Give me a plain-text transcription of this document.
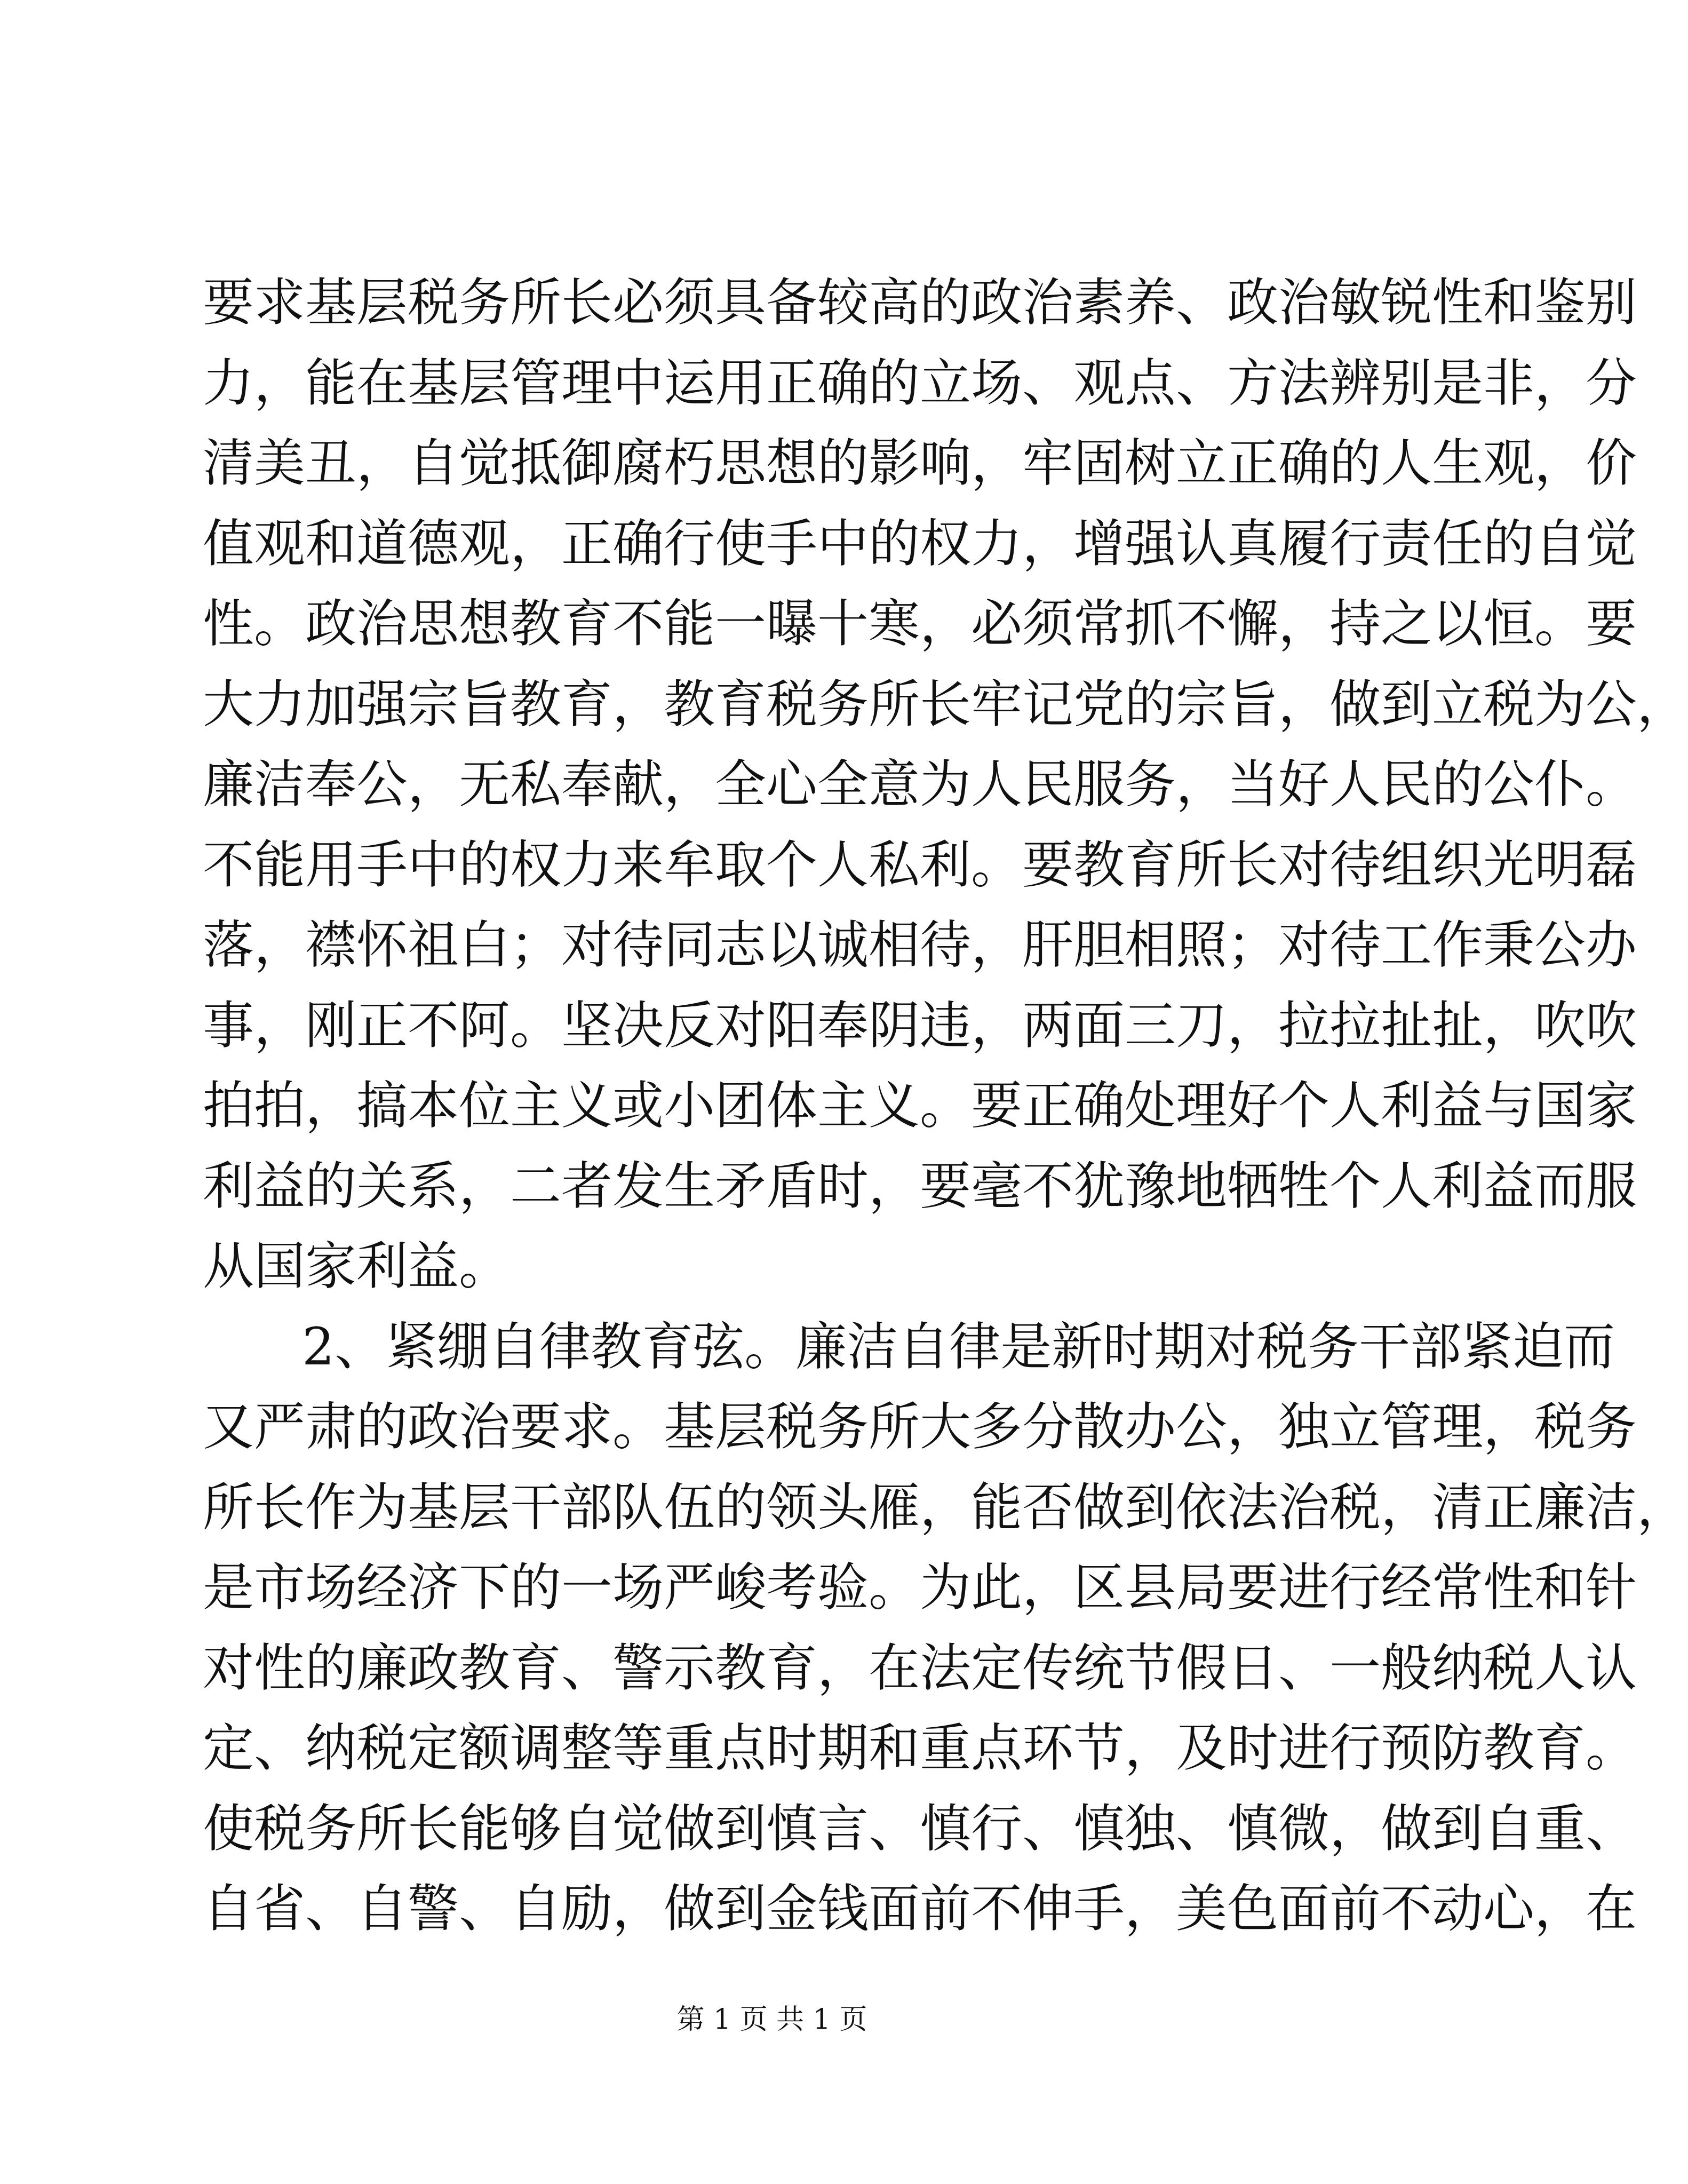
要求基层税务所长必须具备较高的政治素养、政治敏锐性和鉴别
力，能在基层管理中运用正确的立场、观点、方法辨别是非，分
清美丑，自觉抵御腐朽思想的影响，牢固树立正确的人生观，价
值观和道德观，正确行使手中的权力，增强认真履行责任的自觉
性。政治思想教育不能一曝十寒，必须常抓不懈，持之以恒。要
大力加强宗旨教育，教育税务所长牢记党的宗旨，做到立税为公，
廉洁奉公，无私奉献，全心全意为人民服务，当好人民的公仆。
不能用手中的权力来牟取个人私利。要教育所长对待组织光明磊
落，襟怀祖白；对待同志以诚相待，肝胆相照；对待工作秉公办
事，刚正不阿。坚决反对阳奉阴违，两面三刀，拉拉扯扯，吹吹
拍拍，搞本位主义或小团体主义。要正确处理好个人利益与国家
利益的关系，二者发生矛盾时，要毫不犹豫地牺牲个人利益而服
从国家利益。
2、紧绷自律教育弦。廉洁自律是新时期对税务干部紧迫而
又严肃的政治要求。基层税务所大多分散办公，独立管理，税务
所长作为基层干部队伍的领头雁，能否做到依法治税，清正廉洁，
是市场经济下的一场严峻考验。为此，区县局要进行经常性和针
对性的廉政教育、警示教育，在法定传统节假日、一般纳税人认
定、纳税定额调整等重点时期和重点环节，及时进行预防教育。
使税务所长能够自觉做到慎言、慎行、慎独、慎微，做到自重、
自省、自警、自励，做到金钱面前不伸手，美色面前不动心，在
第 1 页 共 1 页
